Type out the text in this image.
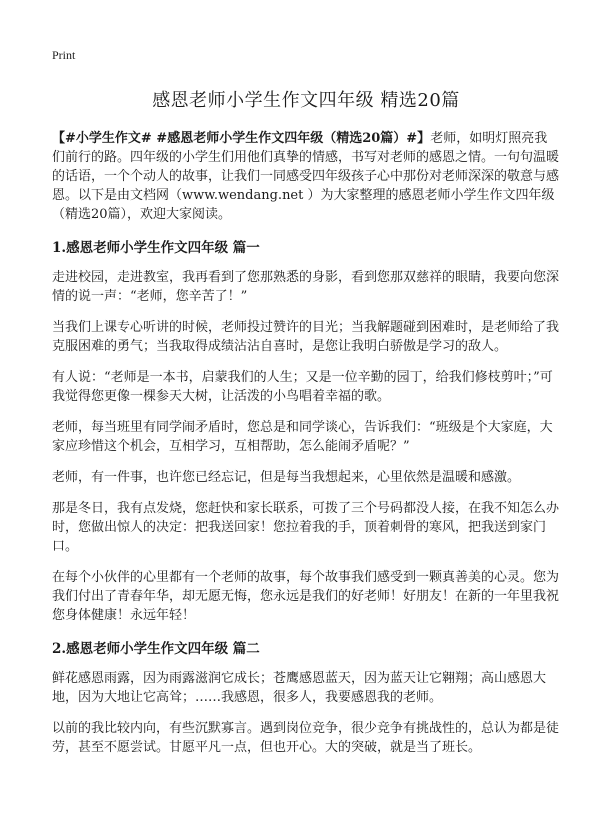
Print
感恩老师小学生作文四年级 精选20篇

【#小学生作文# #感恩老师小学生作文四年级（精选20篇）#】老师，如明灯照亮我们前行的路。四年级的小学生们用他们真挚的情感，书写对老师的感恩之情。一句句温暖的话语，一个个动人的故事，让我们一同感受四年级孩子心中那份对老师深深的敬意与感恩。以下是由文档网（www.wendang.net ）为大家整理的感恩老师小学生作文四年级（精选20篇），欢迎大家阅读。

1.感恩老师小学生作文四年级 篇一

走进校园，走进教室，我再看到了您那熟悉的身影，看到您那双慈祥的眼睛，我要向您深情的说一声：“老师，您辛苦了！”

当我们上课专心听讲的时候，老师投过赞许的目光；当我解题碰到困难时，是老师给了我克服困难的勇气；当我取得成绩沾沾自喜时，是您让我明白骄傲是学习的敌人。

有人说：“老师是一本书，启蒙我们的人生；又是一位辛勤的园丁，给我们修枝剪叶；”可我觉得您更像一棵参天大树，让活泼的小鸟唱着幸福的歌。

老师，每当班里有同学闹矛盾时，您总是和同学谈心，告诉我们：“班级是个大家庭，大家应珍惜这个机会，互相学习，互相帮助，怎么能闹矛盾呢？”

老师，有一件事，也许您已经忘记，但是每当我想起来，心里依然是温暖和感激。

那是冬日，我有点发烧，您赶快和家长联系，可拨了三个号码都没人接，在我不知怎么办时，您做出惊人的决定：把我送回家！您拉着我的手，顶着刺骨的寒风，把我送到家门口。

在每个小伙伴的心里都有一个老师的故事，每个故事我们感受到一颗真善美的心灵。您为我们付出了青春年华，却无愿无悔，您永远是我们的好老师！好朋友！在新的一年里我祝您身体健康！永远年轻！

2.感恩老师小学生作文四年级 篇二

鲜花感恩雨露，因为雨露滋润它成长；苍鹰感恩蓝天，因为蓝天让它翱翔；高山感恩大地，因为大地让它高耸；……我感恩，很多人，我要感恩我的老师。

以前的我比较内向，有些沉默寡言。遇到岗位竞争，很少竞争有挑战性的，总认为都是徒劳，甚至不愿尝试。甘愿平凡一点，但也开心。大的突破，就是当了班长。
